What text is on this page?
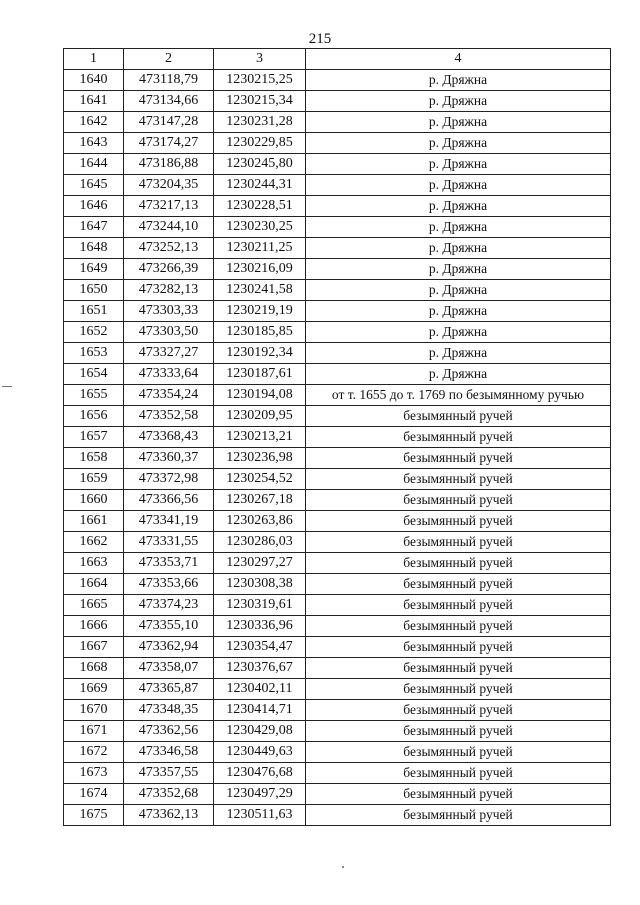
215
1	2	3	4
1640	473118,79	1230215,25	р. Дряжна
1641	473134,66	1230215,34	р. Дряжна
1642	473147,28	1230231,28	р. Дряжна
1643	473174,27	1230229,85	р. Дряжна
1644	473186,88	1230245,80	р. Дряжна
1645	473204,35	1230244,31	р. Дряжна
1646	473217,13	1230228,51	р. Дряжна
1647	473244,10	1230230,25	р. Дряжна
1648	473252,13	1230211,25	р. Дряжна
1649	473266,39	1230216,09	р. Дряжна
1650	473282,13	1230241,58	р. Дряжна
1651	473303,33	1230219,19	р. Дряжна
1652	473303,50	1230185,85	р. Дряжна
1653	473327,27	1230192,34	р. Дряжна
1654	473333,64	1230187,61	р. Дряжна
1655	473354,24	1230194,08	от т. 1655 до т. 1769 по безымянному ручью
1656	473352,58	1230209,95	безымянный ручей
1657	473368,43	1230213,21	безымянный ручей
1658	473360,37	1230236,98	безымянный ручей
1659	473372,98	1230254,52	безымянный ручей
1660	473366,56	1230267,18	безымянный ручей
1661	473341,19	1230263,86	безымянный ручей
1662	473331,55	1230286,03	безымянный ручей
1663	473353,71	1230297,27	безымянный ручей
1664	473353,66	1230308,38	безымянный ручей
1665	473374,23	1230319,61	безымянный ручей
1666	473355,10	1230336,96	безымянный ручей
1667	473362,94	1230354,47	безымянный ручей
1668	473358,07	1230376,67	безымянный ручей
1669	473365,87	1230402,11	безымянный ручей
1670	473348,35	1230414,71	безымянный ручей
1671	473362,56	1230429,08	безымянный ручей
1672	473346,58	1230449,63	безымянный ручей
1673	473357,55	1230476,68	безымянный ручей
1674	473352,68	1230497,29	безымянный ручей
1675	473362,13	1230511,63	безымянный ручей
